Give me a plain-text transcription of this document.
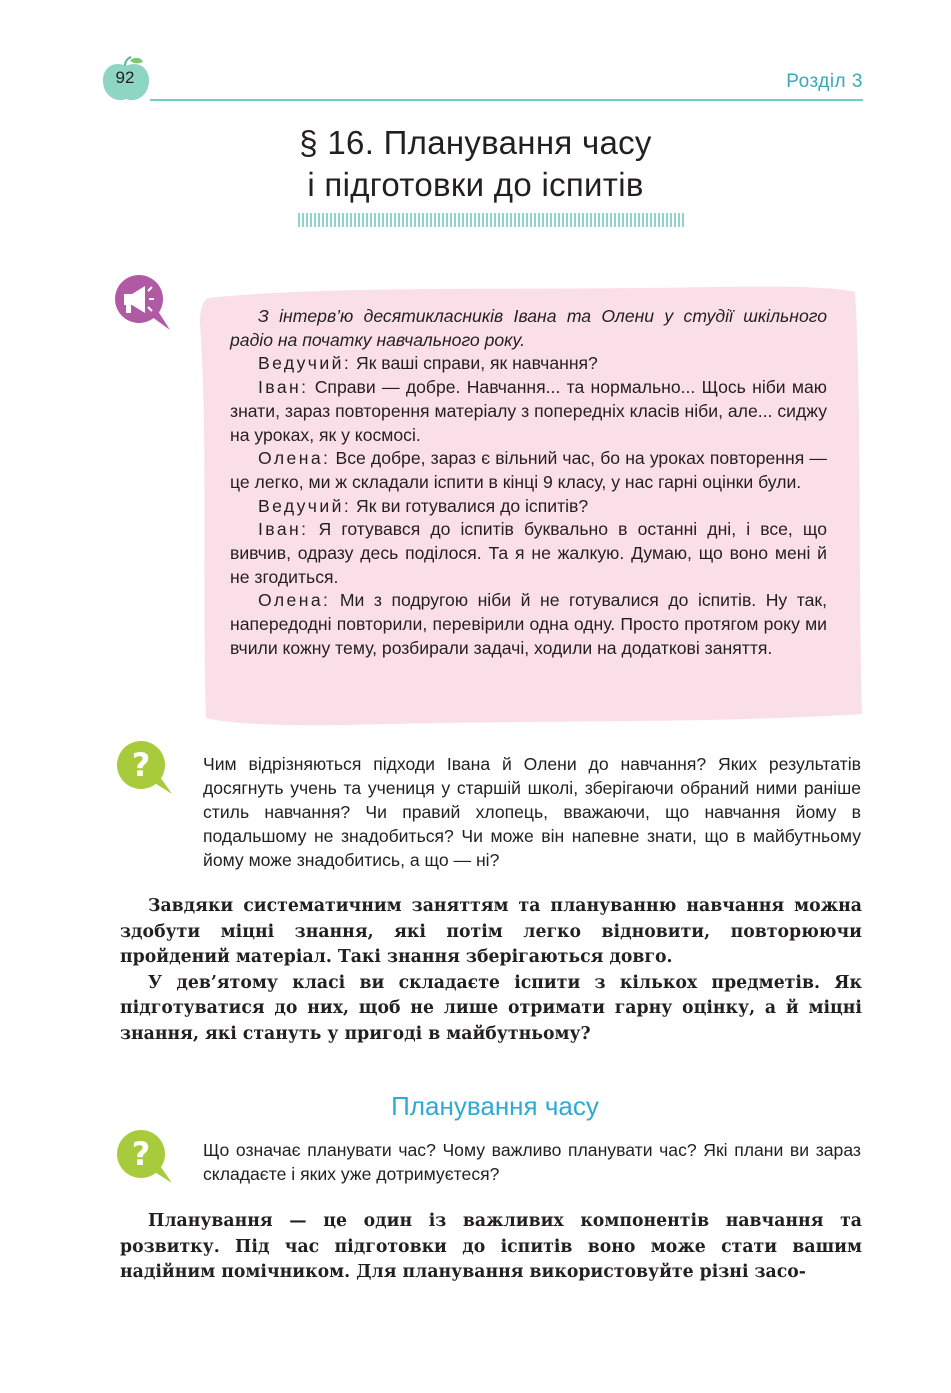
92	Розділ 3
§ 16. Планування часу
і підготовки до іспитів

З інтерв’ю десятикласників Івана та Олени у студії шкільного радіо на початку навчального року.

Ведучий: Як ваші справи, як навчання?

Іван: Справи — добре. Навчання... та нормально... Щось ніби маю знати, зараз повторення матеріалу з попередніх класів ніби, але... сиджу на уроках, як у космосі.

Олена: Все добре, зараз є вільний час, бо на уроках повторення — це легко, ми ж складали іспити в кінці 9 класу, у нас гарні оцінки були.

Ведучий: Як ви готувалися до іспитів?

Іван: Я готувався до іспитів буквально в останні дні, і все, що вивчив, одразу десь поділося. Та я не жалкую. Думаю, що воно мені й не згодиться.

Олена: Ми з подругою ніби й не готувалися до іспитів. Ну так, напередодні повторили, перевірили одна одну. Просто протягом року ми вчили кожну тему, розбирали задачі, ходили на додаткові заняття.

?	Чим відрізняються підходи Івана й Олени до навчання? Яких результатів досягнуть учень та учениця у старшій школі, зберігаючи обраний ними раніше стиль навчання? Чи правий хлопець, вважаючи, що навчання йому в подальшому не знадобиться? Чи може він напевне знати, що в майбутньому йому може знадобитись, а що — ні?

Завдяки систематичним заняттям та плануванню навчання можна здобути міцні знання, які потім легко відновити, повторюючи пройдений матеріал. Такі знання зберігаються довго.

У дев’ятому класі ви складаєте іспити з кількох предметів. Як підготуватися до них, щоб не лише отримати гарну оцінку, а й міцні знання, які стануть у пригоді в майбутньому?

Планування часу
?	Що означає планувати час? Чому важливо планувати час? Які плани ви зараз складаєте і яких уже дотримуєтеся?

Планування — це один із важливих компонентів навчання та розвитку. Під час підготовки до іспитів воно може стати вашим надійним помічником. Для планування використовуйте різні засо-
